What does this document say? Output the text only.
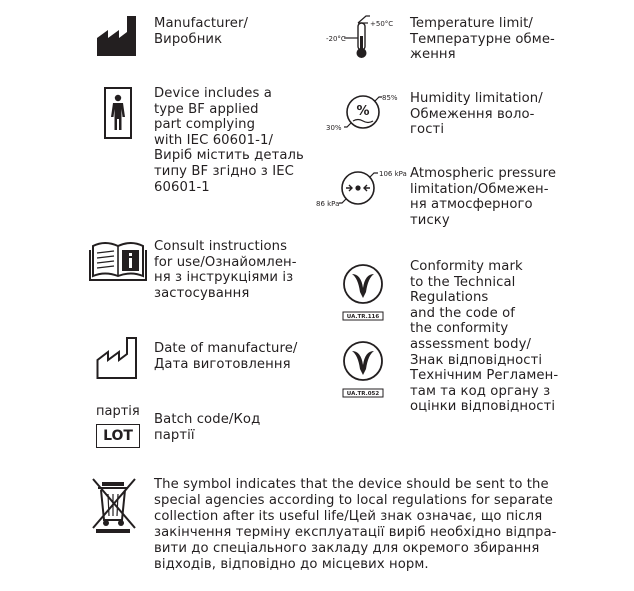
Manufacturer/
Виробник
Device includes a
type BF applied
part complying
with IEC 60601-1/
Виріб містить деталь
типу BF згідно з IEC
60601-1
Consult instructions
for use/Ознайомлен-
ня з інструкціями із
застосування
Date of manufacture/
Дата виготовлення
партія
LOT
Batch code/Код
партії
-20°C
+50°C Temperature limit/
Температурне обме-
ження
%
85%
30%
Humidity limitation/
Обмеження воло-
гості
106 kPa
86 kPa
Atmospheric pressure
limitation/Обмежен-
ня атмосферного
тиску
UA.TR.116
UA.TR.052
Conformity mark
to the Technical
Regulations
and the code of
the conformity
assessment body/
Знак відповідності
Технічним Регламен-
там та код органу з
оцінки відповідності
The symbol indicates that the device should be sent to the
special agencies according to local regulations for separate
collection after its useful life/Цей знак означає, що після
закінчення терміну експлуатації виріб необхідно відпра-
вити до спеціального закладу для окремого збирання
відходів, відповідно до місцевих норм.
